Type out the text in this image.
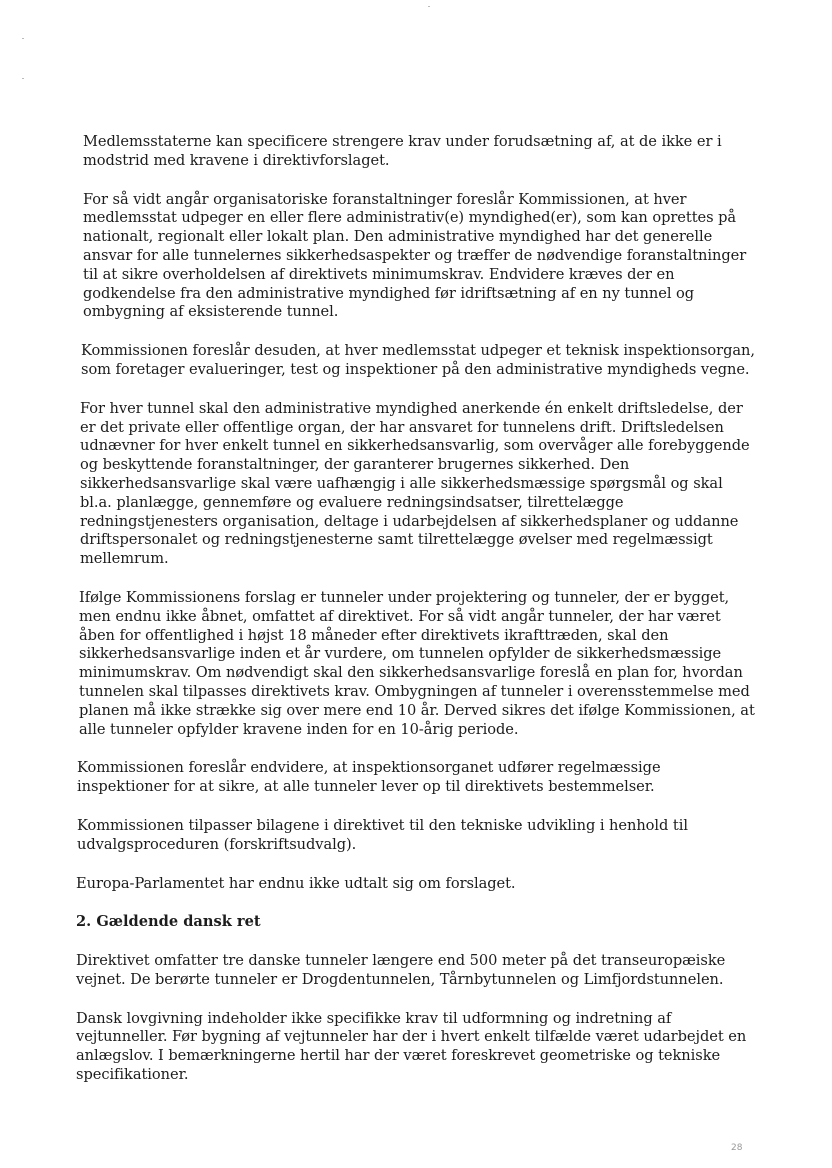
Medlemsstaterne kan specificere strengere krav under forudsætning af, at de ikke er i modstrid med kravene i direktivforslaget.

For så vidt angår organisatoriske foranstaltninger foreslår Kommissionen, at hver medlemsstat udpeger en eller flere administrativ(e) myndighed(er), som kan oprettes på nationalt, regionalt eller lokalt plan. Den administrative myndighed har det generelle ansvar for alle tunnelernes sikkerhedsaspekter og træffer de nødvendige foranstaltninger til at sikre overholdelsen af direktivets minimumskrav. Endvidere kræves der en godkendelse fra den administrative myndighed før idriftsætning af en ny tunnel og ombygning af eksisterende tunnel.

Kommissionen foreslår desuden, at hver medlemsstat udpeger et teknisk inspektionsorgan, som foretager evalueringer, test og inspektioner på den administrative myndigheds vegne.

For hver tunnel skal den administrative myndighed anerkende én enkelt driftsledelse, der er det private eller offentlige organ, der har ansvaret for tunnelens drift. Driftsledelsen udnævner for hver enkelt tunnel en sikkerhedsansvarlig, som overvåger alle forebyggende og beskyttende foranstaltninger, der garanterer brugernes sikkerhed. Den sikkerhedsansvarlige skal være uafhængig i alle sikkerhedsmæssige spørgsmål og skal bl.a. planlægge, gennemføre og evaluere redningsindsatser, tilrettelægge redningstjenesters organisation, deltage i udarbejdelsen af sikkerhedsplaner og uddanne driftspersonalet og redningstjenesterne samt tilrettelægge øvelser med regelmæssigt mellemrum.

Ifølge Kommissionens forslag er tunneler under projektering og tunneler, der er bygget, men endnu ikke åbnet, omfattet af direktivet. For så vidt angår tunneler, der har været åben for offentlighed i højst 18 måneder efter direktivets ikrafttræden, skal den sikkerhedsansvarlige inden et år vurdere, om tunnelen opfylder de sikkerhedsmæssige minimumskrav. Om nødvendigt skal den sikkerhedsansvarlige foreslå en plan for, hvordan tunnelen skal tilpasses direktivets krav. Ombygningen af tunneler i overensstemmelse med planen må ikke strække sig over mere end 10 år. Derved sikres det ifølge Kommissionen, at alle tunneler opfylder kravene inden for en 10-årig periode.

Kommissionen foreslår endvidere, at inspektionsorganet udfører regelmæssige inspektioner for at sikre, at alle tunneler lever op til direktivets bestemmelser.

Kommissionen tilpasser bilagene i direktivet til den tekniske udvikling i henhold til udvalgsproceduren (forskriftsudvalg).

Europa-Parlamentet har endnu ikke udtalt sig om forslaget.

2. Gældende dansk ret

Direktivet omfatter tre danske tunneler længere end 500 meter på det transeuropæiske vejnet. De berørte tunneler er Drogdentunnelen, Tårnbytunnelen og Limfjordstunnelen.

Dansk lovgivning indeholder ikke specifikke krav til udformning og indretning af vejtunneller. Før bygning af vejtunneler har der i hvert enkelt tilfælde været udarbejdet en anlægslov. I bemærkningerne hertil har der været foreskrevet geometriske og tekniske specifikationer.

28
